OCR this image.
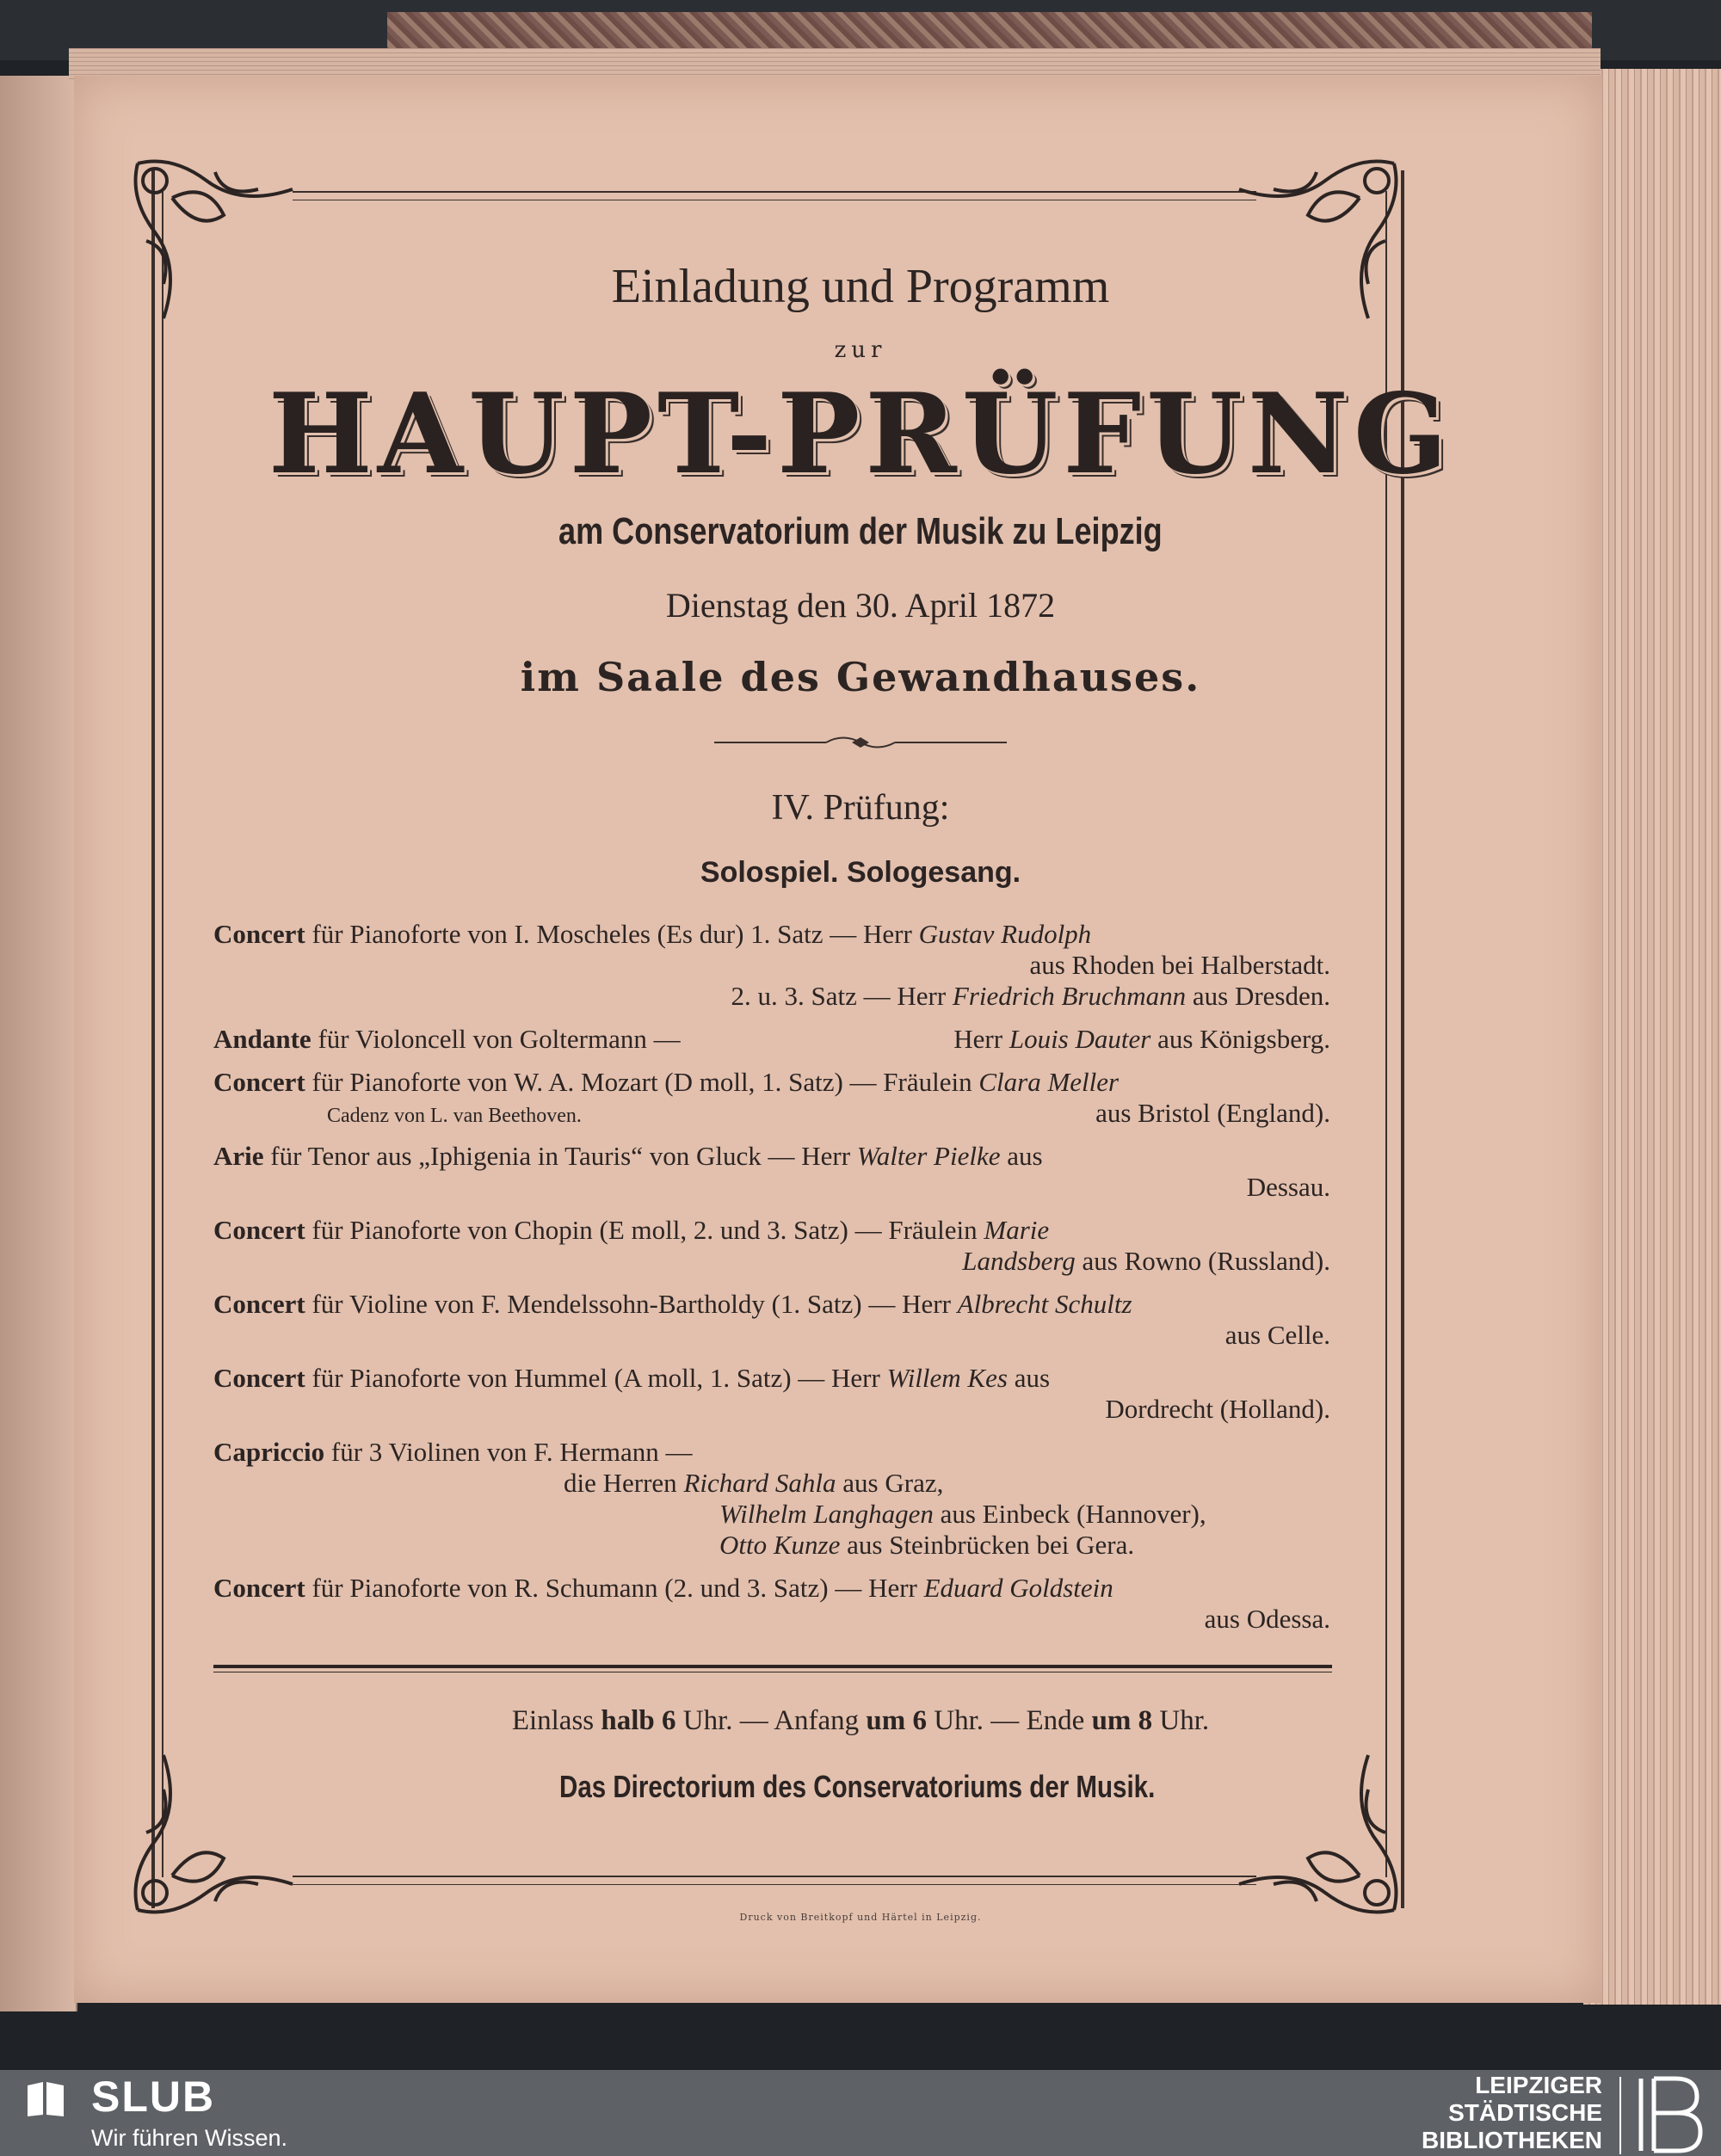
Einladung und Programm
zur
HAUPT-PRÜFUNG
am Conservatorium der Musik zu Leipzig
Dienstag den 30. April 1872
im Saale des Gewandhauses.
IV. Prüfung:
Solospiel. Sologesang.
Concert für Pianoforte von I. Moscheles (Es dur) 1. Satz — Herr Gustav Rudolph
aus Rhoden bei Halberstadt.
2. u. 3. Satz — Herr Friedrich Bruchmann aus Dresden.
Andante für Violoncell von Goltermann —	Herr Louis Dauter aus Königsberg.
Concert für Pianoforte von W. A. Mozart (D moll, 1. Satz) — Fräulein Clara Meller
Cadenz von L. van Beethoven.	aus Bristol (England).
Arie für Tenor aus „Iphigenia in Tauris“ von Gluck — Herr Walter Pielke aus
Dessau.
Concert für Pianoforte von Chopin (E moll, 2. und 3. Satz) — Fräulein Marie
Landsberg aus Rowno (Russland).
Concert für Violine von F. Mendelssohn-Bartholdy (1. Satz) — Herr Albrecht Schultz
aus Celle.
Concert für Pianoforte von Hummel (A moll, 1. Satz) — Herr Willem Kes aus
Dordrecht (Holland).
Capriccio für 3 Violinen von F. Hermann —
die Herren Richard Sahla aus Graz,
Wilhelm Langhagen aus Einbeck (Hannover),
Otto Kunze aus Steinbrücken bei Gera.
Concert für Pianoforte von R. Schumann (2. und 3. Satz) — Herr Eduard Goldstein
aus Odessa.
Einlass halb 6 Uhr. — Anfang um 6 Uhr. — Ende um 8 Uhr.
Das Directorium des Conservatoriums der Musik.
Druck von Breitkopf und Härtel in Leipzig.
SLUB
Wir führen Wissen.
LEIPZIGER
STÄDTISCHE
BIBLIOTHEKEN
